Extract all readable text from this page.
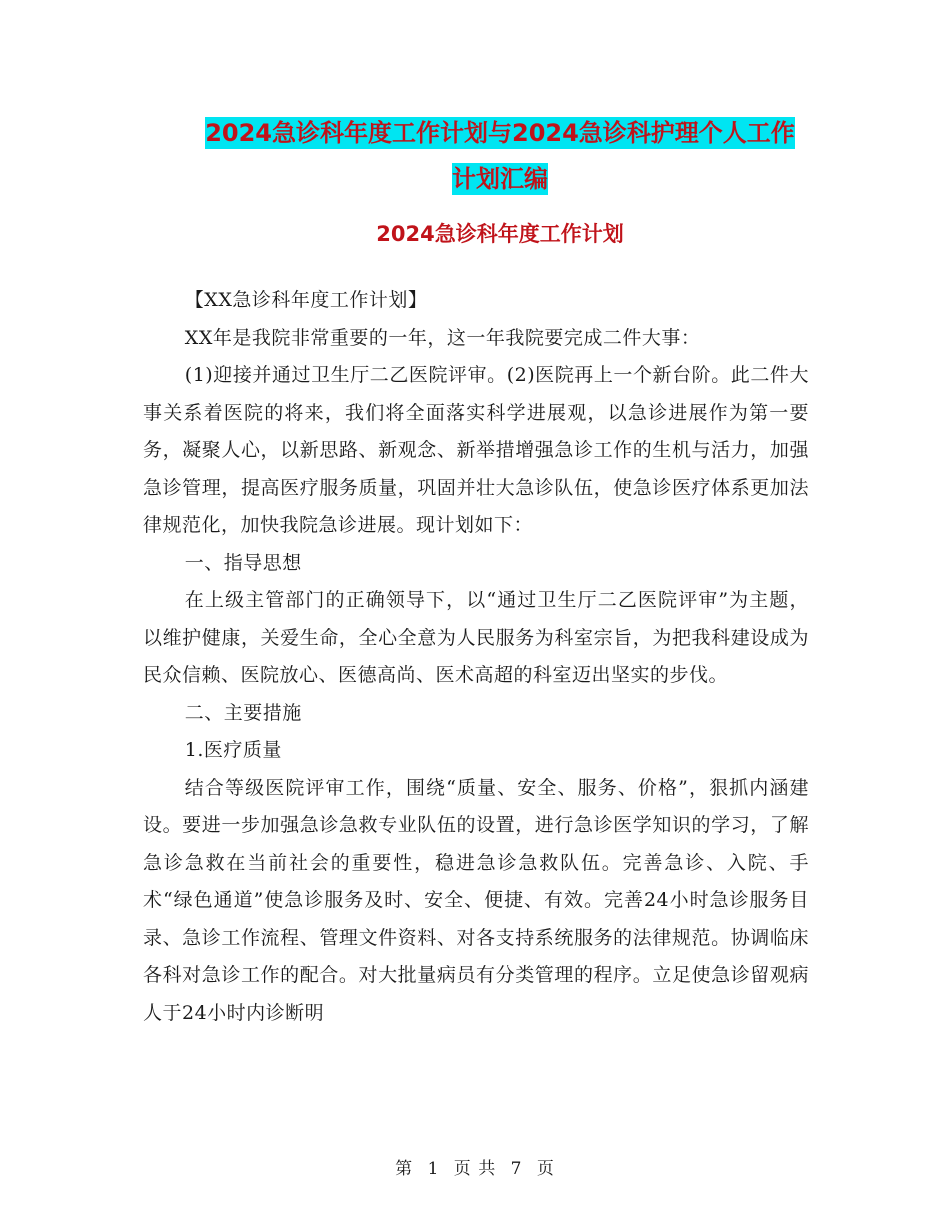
2024急诊科年度工作计划与2024急诊科护理个人工作
计划汇编
2024急诊科年度工作计划

【XX急诊科年度工作计划】

XX年是我院非常重要的一年，这一年我院要完成二件大事：

(1)迎接并通过卫生厅二乙医院评审。(2)医院再上一个新台阶。此二件大事关系着医院的将来，我们将全面落实科学进展观，以急诊进展作为第一要务，凝聚人心，以新思路、新观念、新举措增强急诊工作的生机与活力，加强急诊管理，提高医疗服务质量，巩固并壮大急诊队伍，使急诊医疗体系更加法律规范化，加快我院急诊进展。现计划如下：

一、指导思想

在上级主管部门的正确领导下，以“通过卫生厅二乙医院评审”为主题，以维护健康，关爱生命，全心全意为人民服务为科室宗旨，为把我科建设成为民众信赖、医院放心、医德高尚、医术高超的科室迈出坚实的步伐。

二、主要措施

1.医疗质量

结合等级医院评审工作，围绕“质量、安全、服务、价格”，狠抓内涵建设。要进一步加强急诊急救专业队伍的设置，进行急诊医学知识的学习，了解急诊急救在当前社会的重要性，稳进急诊急救队伍。完善急诊、入院、手术“绿色通道”使急诊服务及时、安全、便捷、有效。完善24小时急诊服务目录、急诊工作流程、管理文件资料、对各支持系统服务的法律规范。协调临床各科对急诊工作的配合。对大批量病员有分类管理的程序。立足使急诊留观病人于24小时内诊断明

第 1 页 共 7 页
